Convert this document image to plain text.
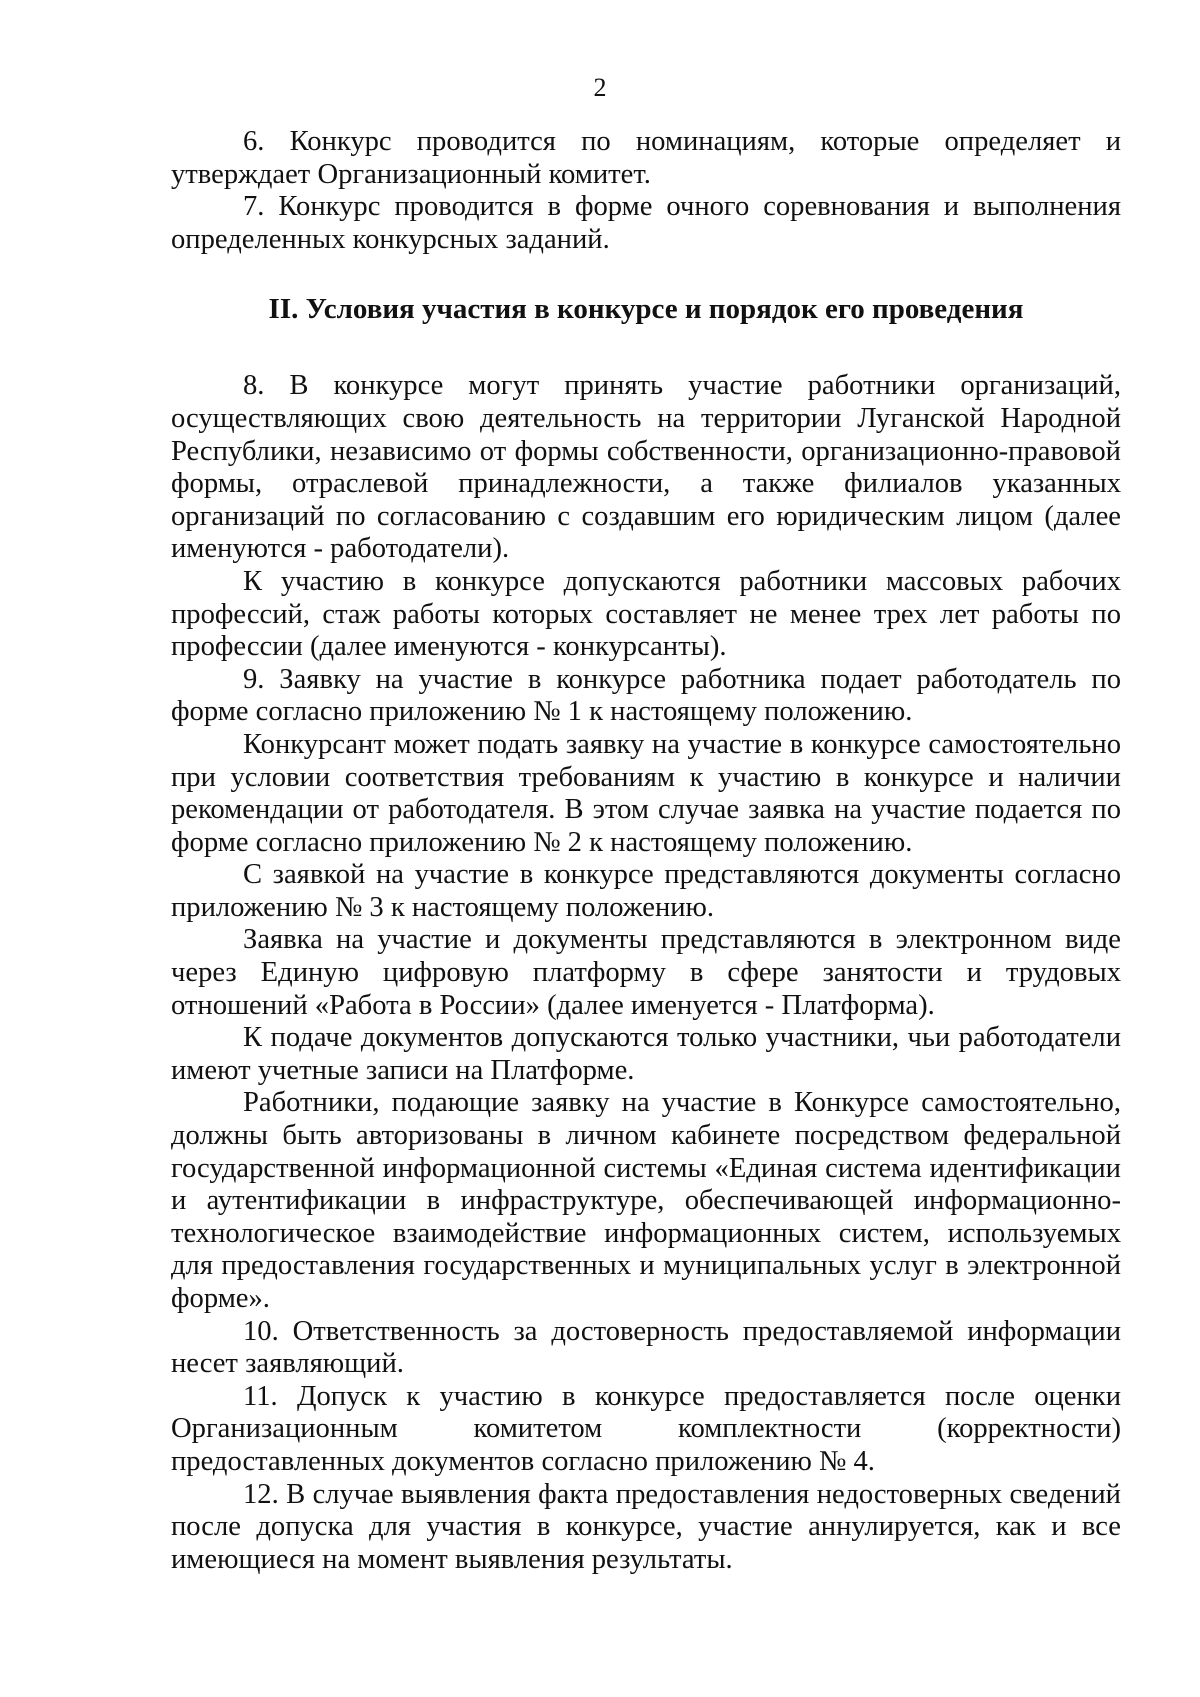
2

6. Конкурс проводится по номинациям, которые определяет и утверждает Организационный комитет.

7. Конкурс проводится в форме очного соревнования и выполнения определенных конкурсных заданий.

II. Условия участия в конкурсе и порядок его проведения

8. В конкурсе могут принять участие работники организаций, осуществляющих свою деятельность на территории Луганской Народной Республики, независимо от формы собственности, организационно-правовой формы, отраслевой принадлежности, а также филиалов указанных организаций по согласованию с создавшим его юридическим лицом (далее именуются - работодатели).

К участию в конкурсе допускаются работники массовых рабочих профессий, стаж работы которых составляет не менее трех лет работы по профессии (далее именуются - конкурсанты).

9. Заявку на участие в конкурсе работника подает работодатель по форме согласно приложению № 1 к настоящему положению.

Конкурсант может подать заявку на участие в конкурсе самостоятельно при условии соответствия требованиям к участию в конкурсе и наличии рекомендации от работодателя. В этом случае заявка на участие подается по форме согласно приложению № 2 к настоящему положению.

С заявкой на участие в конкурсе представляются документы согласно приложению № 3 к настоящему положению.

Заявка на участие и документы представляются в электронном виде через Единую цифровую платформу в сфере занятости и трудовых отношений «Работа в России» (далее именуется - Платформа).

К подаче документов допускаются только участники, чьи работодатели имеют учетные записи на Платформе.

Работники, подающие заявку на участие в Конкурсе самостоятельно, должны быть авторизованы в личном кабинете посредством федеральной государственной информационной системы «Единая система идентификации и аутентификации в инфраструктуре, обеспечивающей информационно-технологическое взаимодействие информационных систем, используемых для предоставления государственных и муниципальных услуг в электронной форме».

10. Ответственность за достоверность предоставляемой информации несет заявляющий.

11. Допуск к участию в конкурсе предоставляется после оценки Организационным комитетом комплектности (корректности) предоставленных документов согласно приложению № 4.

12. В случае выявления факта предоставления недостоверных сведений после допуска для участия в конкурсе, участие аннулируется, как и все имеющиеся на момент выявления результаты.
